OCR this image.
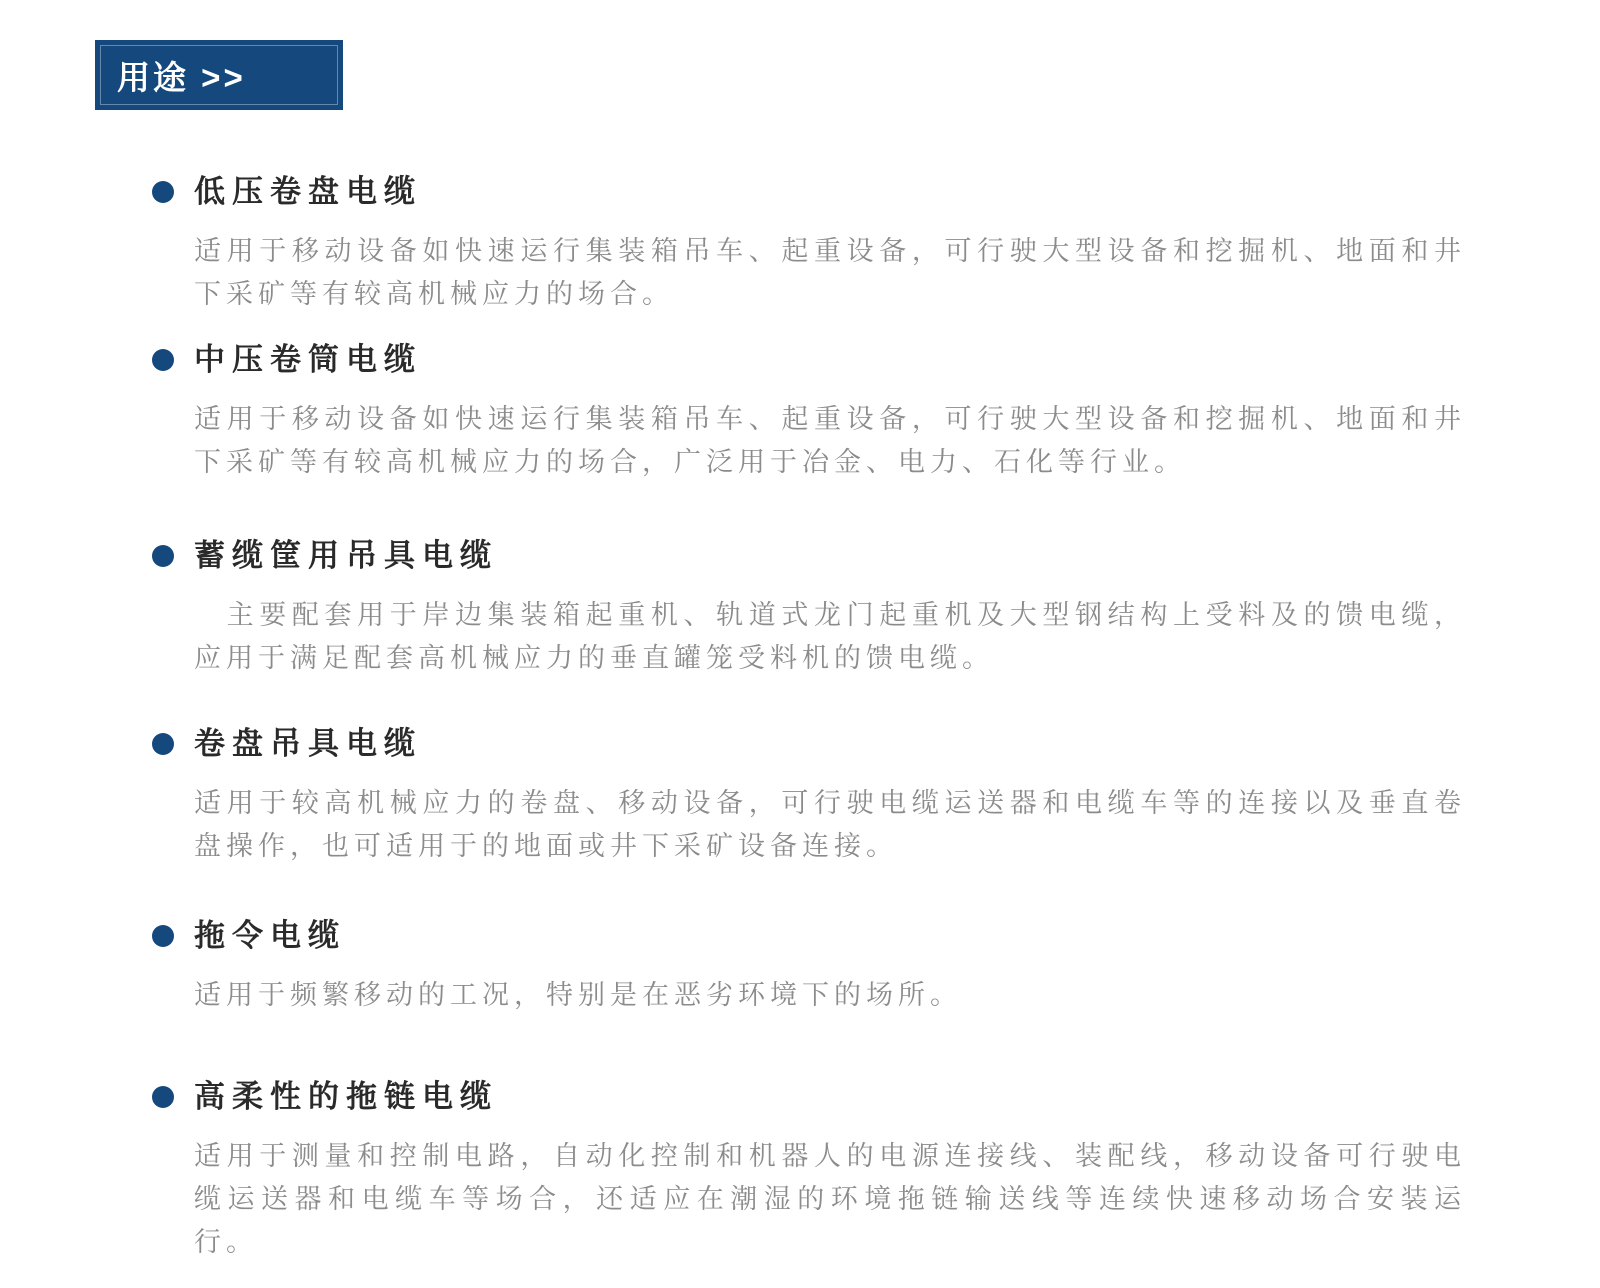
用途 >>
低压卷盘电缆

适用于移动设备如快速运行集装箱吊车、起重设备，可行驶大型设备和挖掘机、地面和井下采矿等有较高机械应力的场合。

中压卷筒电缆

适用于移动设备如快速运行集装箱吊车、起重设备，可行驶大型设备和挖掘机、地面和井下采矿等有较高机械应力的场合，广泛用于冶金、电力、石化等行业。

蓄缆筐用吊具电缆

　主要配套用于岸边集装箱起重机、轨道式龙门起重机及大型钢结构上受料及的馈电缆，应用于满足配套高机械应力的垂直罐笼受料机的馈电缆。

卷盘吊具电缆

适用于较高机械应力的卷盘、移动设备，可行驶电缆运送器和电缆车等的连接以及垂直卷盘操作，也可适用于的地面或井下采矿设备连接。

拖令电缆

适用于频繁移动的工况，特别是在恶劣环境下的场所。

高柔性的拖链电缆

适用于测量和控制电路，自动化控制和机器人的电源连接线、装配线，移动设备可行驶电缆运送器和电缆车等场合，还适应在潮湿的环境拖链输送线等连续快速移动场合安装运行。
